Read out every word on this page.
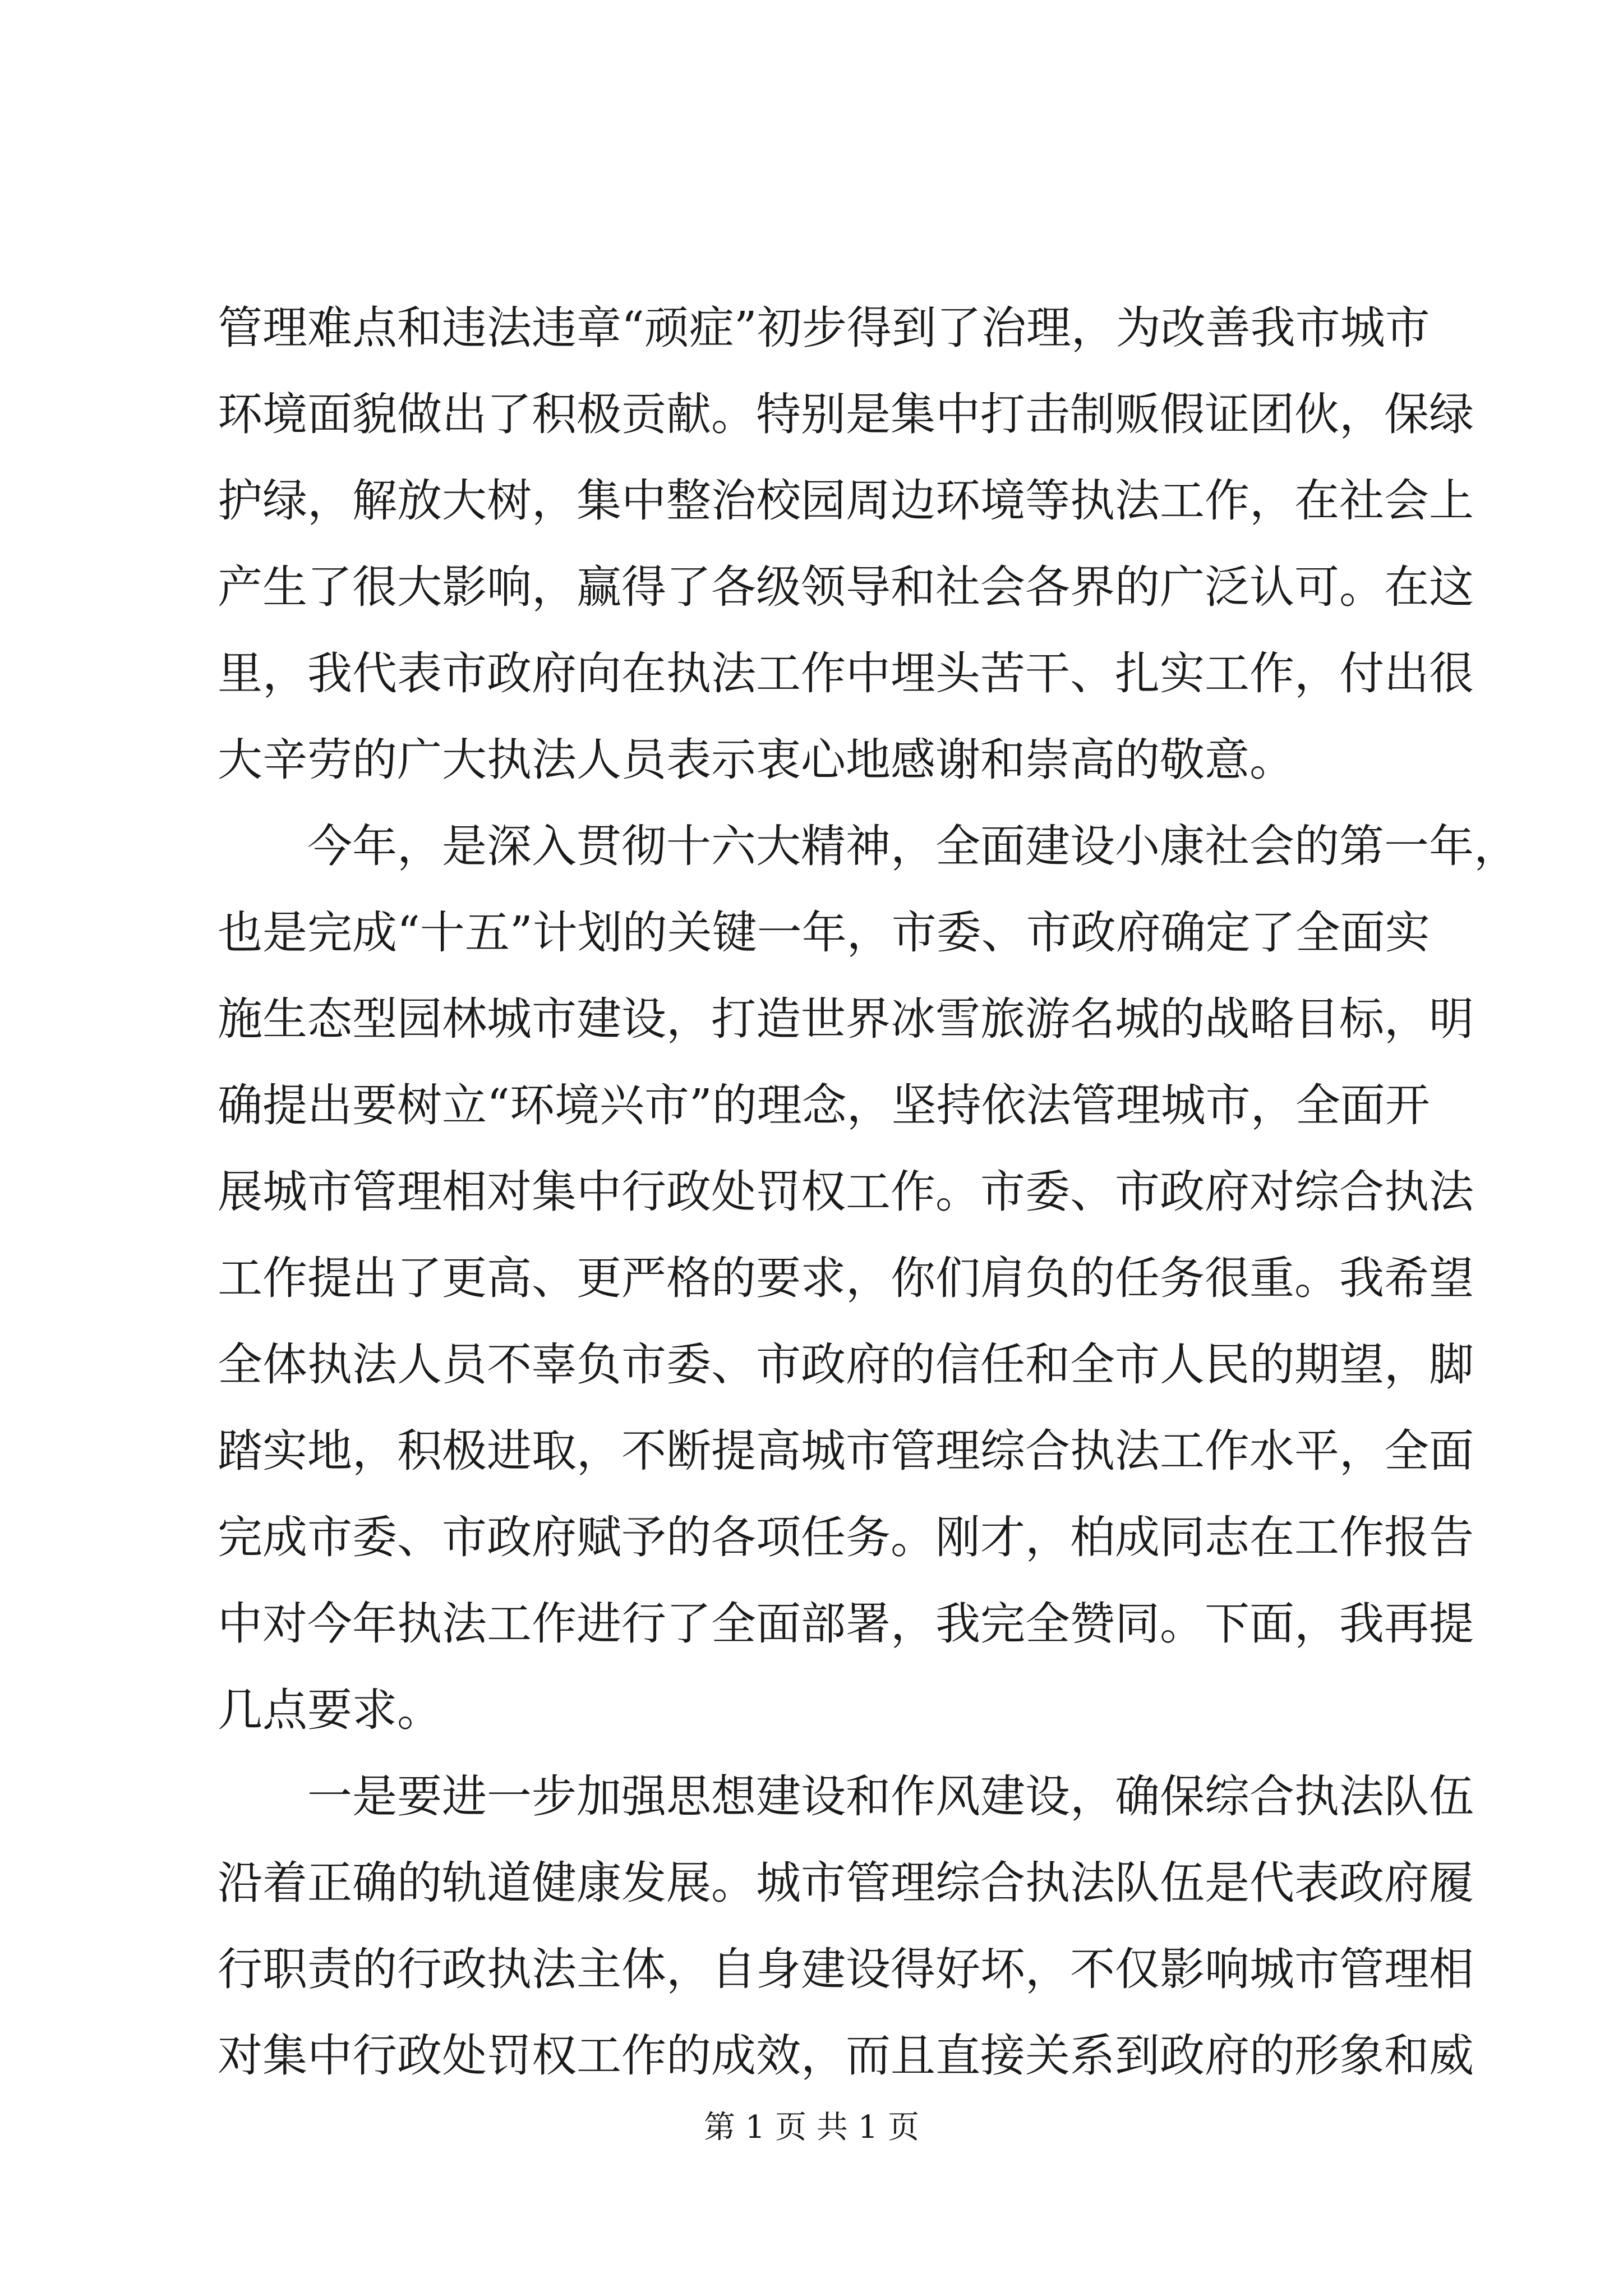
管理难点和违法违章“顽症”初步得到了治理，为改善我市城市
环境面貌做出了积极贡献。特别是集中打击制贩假证团伙，保绿
护绿，解放大树，集中整治校园周边环境等执法工作，在社会上
产生了很大影响，赢得了各级领导和社会各界的广泛认可。在这
里，我代表市政府向在执法工作中埋头苦干、扎实工作，付出很
大辛劳的广大执法人员表示衷心地感谢和崇高的敬意。
今年，是深入贯彻十六大精神，全面建设小康社会的第一年，
也是完成“十五”计划的关键一年，市委、市政府确定了全面实
施生态型园林城市建设，打造世界冰雪旅游名城的战略目标，明
确提出要树立“环境兴市”的理念，坚持依法管理城市，全面开
展城市管理相对集中行政处罚权工作。市委、市政府对综合执法
工作提出了更高、更严格的要求，你们肩负的任务很重。我希望
全体执法人员不辜负市委、市政府的信任和全市人民的期望，脚
踏实地，积极进取，不断提高城市管理综合执法工作水平，全面
完成市委、市政府赋予的各项任务。刚才，柏成同志在工作报告
中对今年执法工作进行了全面部署，我完全赞同。下面，我再提
几点要求。
一是要进一步加强思想建设和作风建设，确保综合执法队伍
沿着正确的轨道健康发展。城市管理综合执法队伍是代表政府履
行职责的行政执法主体，自身建设得好坏，不仅影响城市管理相
对集中行政处罚权工作的成效，而且直接关系到政府的形象和威
第 1 页 共 1 页
